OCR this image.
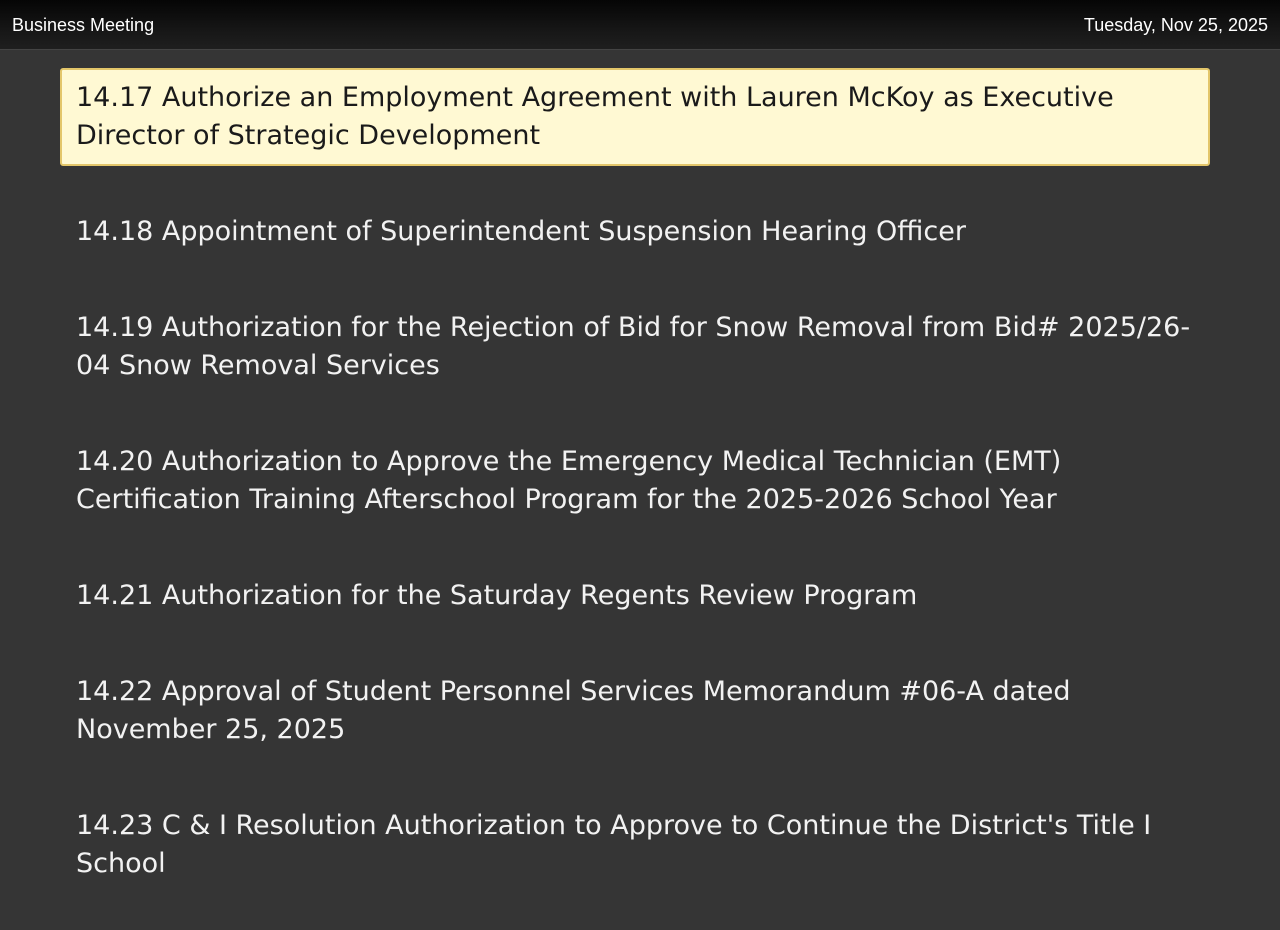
Business Meeting	Tuesday, Nov 25, 2025
14.17 Authorize an Employment Agreement with Lauren McKoy as Executive Director of Strategic Development
14.18 Appointment of Superintendent Suspension Hearing Officer
14.19 Authorization for the Rejection of Bid for Snow Removal from Bid# 2025/26-04 Snow Removal Services
14.20 Authorization to Approve the Emergency Medical Technician (EMT) Certification Training Afterschool Program for the 2025-2026 School Year
14.21 Authorization for the Saturday Regents Review Program
14.22 Approval of Student Personnel Services Memorandum #06-A dated November 25, 2025
14.23 C & I Resolution Authorization to Approve to Continue the District's Title I School
